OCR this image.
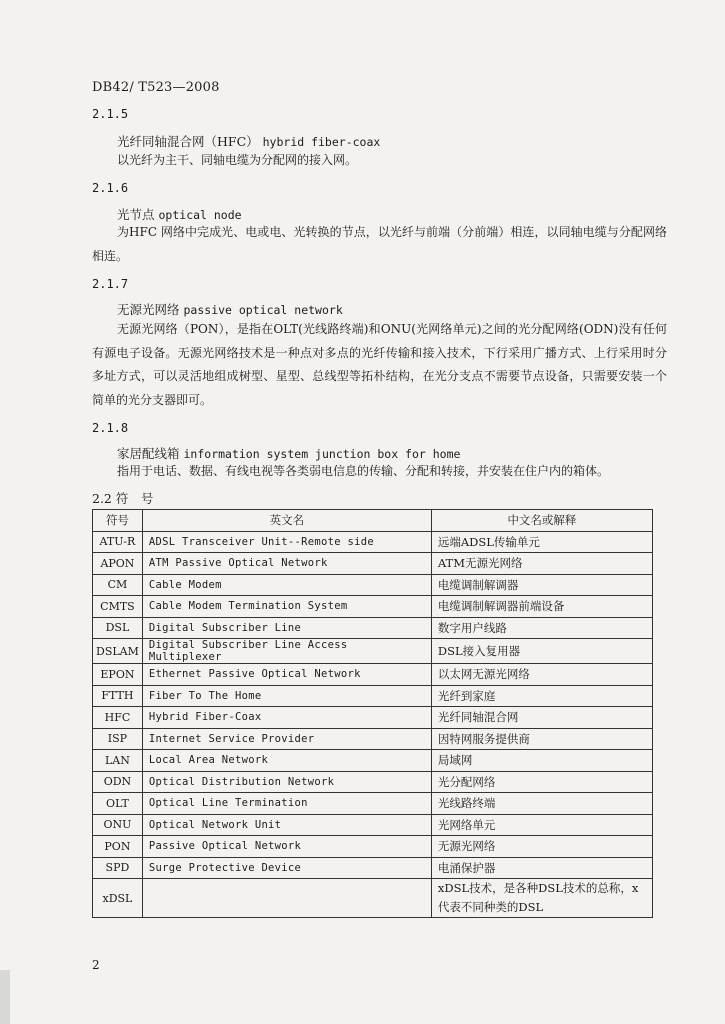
DB42/ T523—2008
2.1.5
光纤同轴混合网（HFC） hybrid fiber-coax
以光纤为主干、同轴电缆为分配网的接入网。
2.1.6
光节点 optical node
为HFC 网络中完成光、电或电、光转换的节点，以光纤与前端（分前端）相连，以同轴电缆与分配网络相连。
2.1.7
无源光网络 passive optical network
无源光网络（PON），是指在OLT(光线路终端)和ONU(光网络单元)之间的光分配网络(ODN)没有任何有源电子设备。无源光网络技术是一种点对多点的光纤传输和接入技术，下行采用广播方式、上行采用时分多址方式，可以灵活地组成树型、星型、总线型等拓朴结构，在光分支点不需要节点设备，只需要安装一个简单的光分支器即可。
2.1.8
家居配线箱 information system junction box for home
指用于电话、数据、有线电视等各类弱电信息的传输、分配和转接，并安装在住户内的箱体。
2.2 符　号
符号	英文名	中文名或解释
ATU-R	ADSL Transceiver Unit--Remote side	远端ADSL传输单元
APON	ATM Passive Optical Network	ATM无源光网络
CM	Cable Modem	电缆调制解调器
CMTS	Cable Modem Termination System	电缆调制解调器前端设备
DSL	Digital Subscriber Line	数字用户线路
DSLAM	Digital Subscriber Line Access Multiplexer	DSL接入复用器
EPON	Ethernet Passive Optical Network	以太网无源光网络
FTTH	Fiber To The Home	光纤到家庭
HFC	Hybrid Fiber-Coax	光纤同轴混合网
ISP	Internet Service Provider	因特网服务提供商
LAN	Local Area Network	局域网
ODN	Optical Distribution Network	光分配网络
OLT	Optical Line Termination	光线路终端
ONU	Optical Network Unit	光网络单元
PON	Passive Optical Network	无源光网络
SPD	Surge Protective Device	电涌保护器
xDSL		xDSL技术，是各种DSL技术的总称，x代表不同种类的DSL
2
